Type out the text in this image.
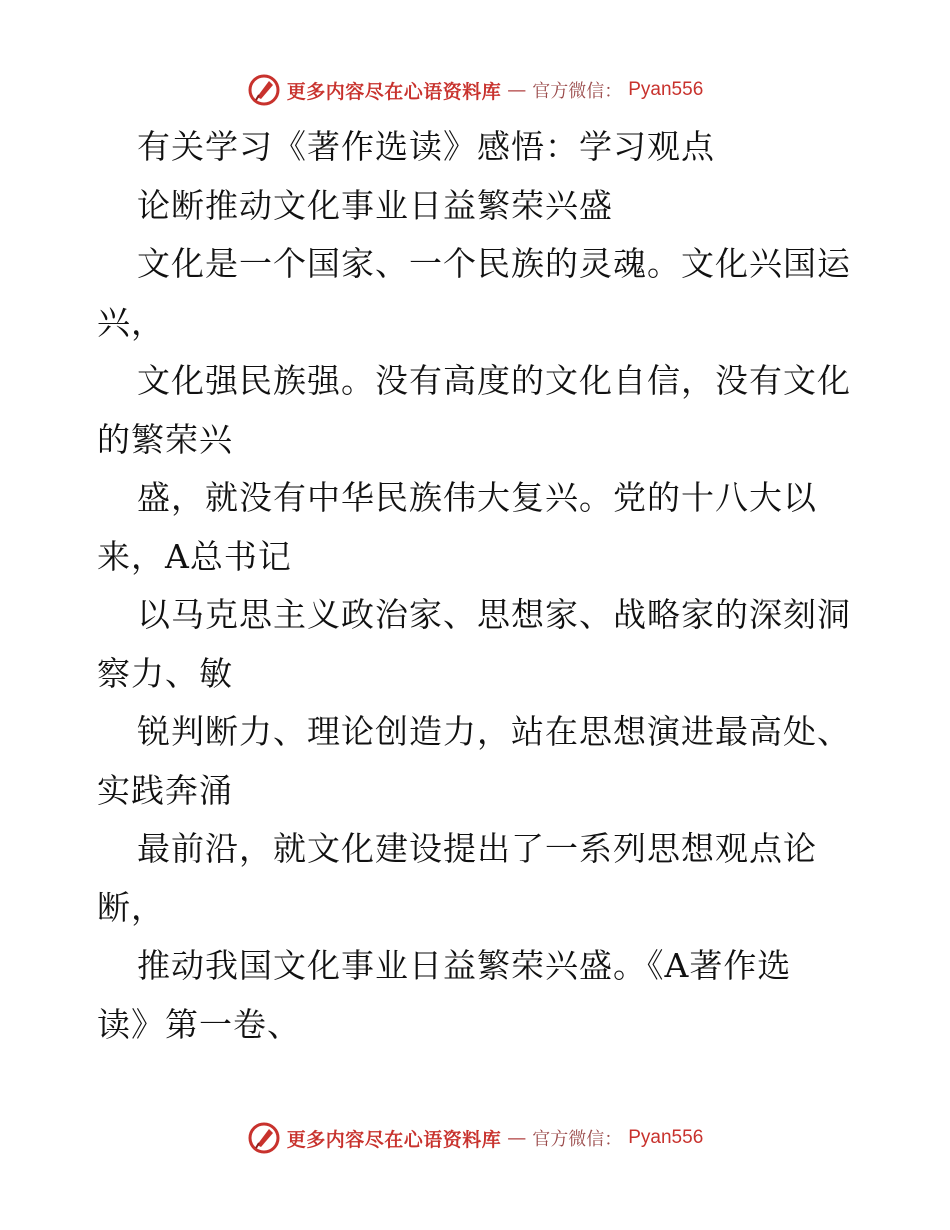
更多内容尽在心语资料库 — 官方微信： Pyan556
有关学习《著作选读》感悟：学习观点
论断推动文化事业日益繁荣兴盛
文化是一个国家、一个民族的灵魂。文化兴国运
兴，
文化强民族强。没有高度的文化自信，没有文化
的繁荣兴
盛，就没有中华民族伟大复兴。党的十八大以
来，A总书记
以马克思主义政治家、思想家、战略家的深刻洞
察力、敏
锐判断力、理论创造力，站在思想演进最高处、
实践奔涌
最前沿，就文化建设提出了一系列思想观点论
断，
推动我国文化事业日益繁荣兴盛。《A著作选
读》第一卷、
更多内容尽在心语资料库 — 官方微信： Pyan556
